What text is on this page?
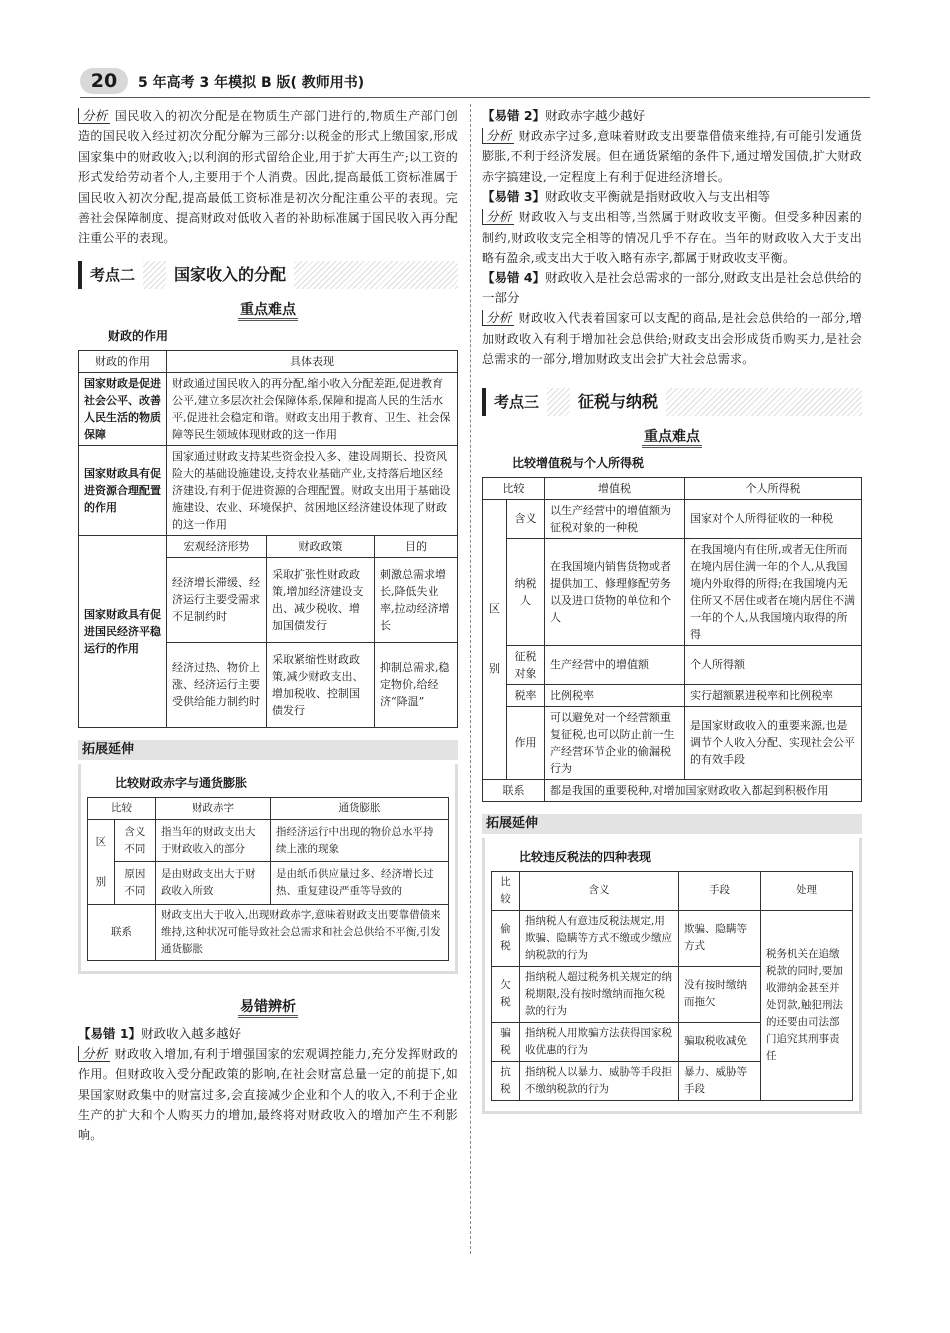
20	5 年高考 3 年模拟 B 版( 教师用书)

分析 国民收入的初次分配是在物质生产部门进行的,物质生产部门创造的国民收入经过初次分配分解为三部分:以税金的形式上缴国家,形成国家集中的财政收入;以利润的形式留给企业,用于扩大再生产;以工资的形式发给劳动者个人,主要用于个人消费。因此,提高最低工资标准属于国民收入初次分配,提高最低工资标准是初次分配注重公平的表现。完善社会保障制度、提高财政对低收入者的补助标准属于国民收入再分配注重公平的表现。

考点二	国家收入的分配
重点难点
财政的作用
财政的作用	具体表现		
国家财政是促进社会公平、改善人民生活的物质保障	财政通过国民收入的再分配,缩小收入分配差距,促进教育公平,建立多层次社会保障体系,保障和提高人民的生活水平,促进社会稳定和谐。财政支出用于教育、卫生、社会保障等民生领域体现财政的这一作用		
国家财政具有促进资源合理配置的作用	国家通过财政支持某些资金投入多、建设周期长、投资风险大的基础设施建设,支持农业基础产业,支持落后地区经济建设,有利于促进资源的合理配置。财政支出用于基础设施建设、农业、环境保护、贫困地区经济建设体现了财政的这一作用		
国家财政具有促进国民经济平稳运行的作用	宏观经济形势	财政政策	目的
	经济增长滞缓、经济运行主要受需求不足制约时	采取扩张性财政政策,增加经济建设支出、减少税收、增加国债发行	刺激总需求增长,降低失业率,拉动经济增长
	经济过热、物价上涨、经济运行主要受供给能力制约时	采取紧缩性财政政策,减少财政支出、增加税收、控制国债发行	抑制总需求,稳定物价,给经济“降温”
拓展延伸
比较财政赤字与通货膨胀
比较		财政赤字	通货膨胀
区
别	含义不同	指当年的财政支出大于财政收入的部分	指经济运行中出现的物价总水平持续上涨的现象
	原因不同	是由财政支出大于财政收入所致	是由纸币供应量过多、经济增长过热、重复建设严重等导致的
联系		财政支出大于收入,出现财政赤字,意味着财政支出要靠借债来维持,这种状况可能导致社会总需求和社会总供给不平衡,引发通货膨胀	
易错辨析

【易错 1】财政收入越多越好

分析 财政收入增加,有利于增强国家的宏观调控能力,充分发挥财政的作用。但财政收入受分配政策的影响,在社会财富总量一定的前提下,如果国家财政集中的财富过多,会直接减少企业和个人的收入,不利于企业生产的扩大和个人购买力的增加,最终将对财政收入的增加产生不利影响。

【易错 2】财政赤字越少越好

分析 财政赤字过多,意味着财政支出要靠借债来维持,有可能引发通货膨胀,不利于经济发展。但在通货紧缩的条件下,通过增发国债,扩大财政赤字搞建设,一定程度上有利于促进经济增长。

【易错 3】财政收支平衡就是指财政收入与支出相等

分析 财政收入与支出相等,当然属于财政收支平衡。但受多种因素的制约,财政收支完全相等的情况几乎不存在。当年的财政收入大于支出略有盈余,或支出大于收入略有赤字,都属于财政收支平衡。

【易错 4】财政收入是社会总需求的一部分,财政支出是社会总供给的一部分

分析 财政收入代表着国家可以支配的商品,是社会总供给的一部分,增加财政收入有利于增加社会总供给;财政支出会形成货币购买力,是社会总需求的一部分,增加财政支出会扩大社会总需求。

考点三	征税与纳税
重点难点
比较增值税与个人所得税
比较		增值税	个人所得税
区
别	含义	以生产经营中的增值额为征税对象的一种税	国家对个人所得征收的一种税
	纳税人	在我国境内销售货物或者提供加工、修理修配劳务以及进口货物的单位和个人	在我国境内有住所,或者无住所而在境内居住满一年的个人,从我国境内外取得的所得;在我国境内无住所又不居住或者在境内居住不满一年的个人,从我国境内取得的所得
	征税对象	生产经营中的增值额	个人所得额
	税率	比例税率	实行超额累进税率和比例税率
	作用	可以避免对一个经营额重复征税,也可以防止前一生产经营环节企业的偷漏税行为	是国家财政收入的重要来源,也是调节个人收入分配、实现社会公平的有效手段
联系		都是我国的重要税种,对增加国家财政收入都起到积极作用	
拓展延伸
比较违反税法的四种表现
比较	含义	手段	处理
偷税	指纳税人有意违反税法规定,用欺骗、隐瞒等方式不缴或少缴应纳税款的行为	欺骗、隐瞒等方式	税务机关在追缴税款的同时,要加收滞纳金甚至并处罚款,触犯刑法的还要由司法部门追究其刑事责任
欠税	指纳税人超过税务机关规定的纳税期限,没有按时缴纳而拖欠税款的行为	没有按时缴纳而拖欠	
骗税	指纳税人用欺骗方法获得国家税收优惠的行为	骗取税收减免	
抗税	指纳税人以暴力、威胁等手段拒不缴纳税款的行为	暴力、威胁等手段	
